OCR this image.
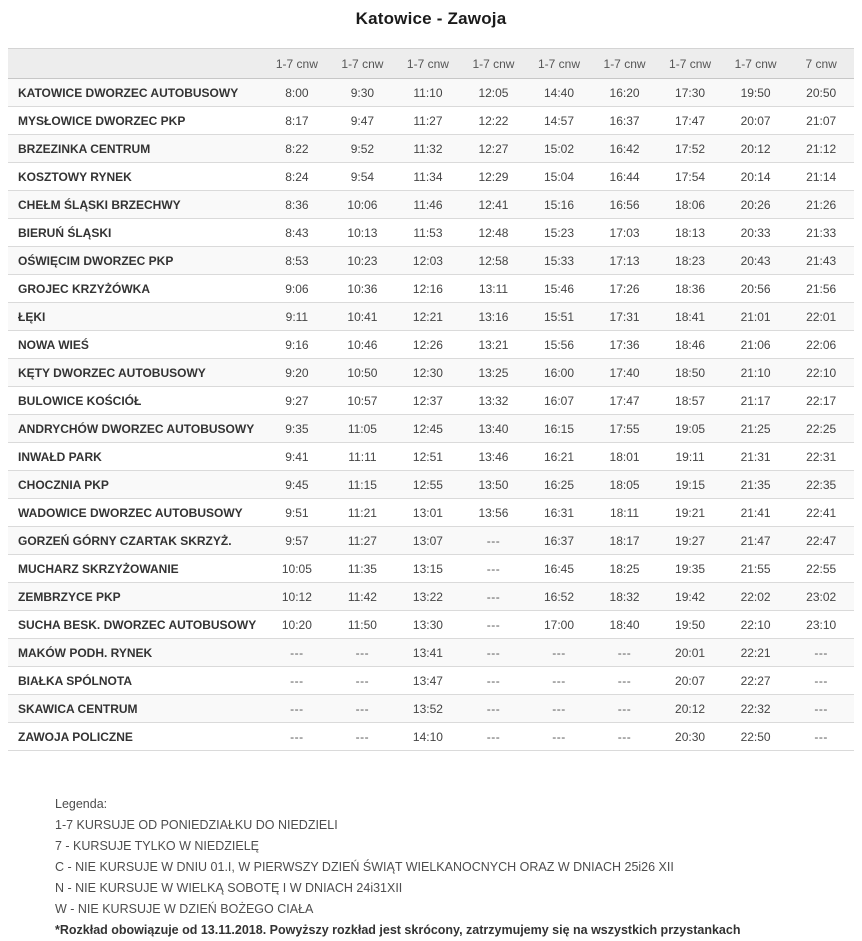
Katowice - Zawoja
	1-7 cnw	1-7 cnw	1-7 cnw	1-7 cnw	1-7 cnw	1-7 cnw	1-7 cnw	1-7 cnw	7 cnw
KATOWICE DWORZEC AUTOBUSOWY	8:00	9:30	11:10	12:05	14:40	16:20	17:30	19:50	20:50
MYSŁOWICE DWORZEC PKP	8:17	9:47	11:27	12:22	14:57	16:37	17:47	20:07	21:07
BRZEZINKA CENTRUM	8:22	9:52	11:32	12:27	15:02	16:42	17:52	20:12	21:12
KOSZTOWY RYNEK	8:24	9:54	11:34	12:29	15:04	16:44	17:54	20:14	21:14
CHEŁM ŚLĄSKI BRZECHWY	8:36	10:06	11:46	12:41	15:16	16:56	18:06	20:26	21:26
BIERUŃ ŚLĄSKI	8:43	10:13	11:53	12:48	15:23	17:03	18:13	20:33	21:33
OŚWIĘCIM DWORZEC PKP	8:53	10:23	12:03	12:58	15:33	17:13	18:23	20:43	21:43
GROJEC KRZYŻÓWKA	9:06	10:36	12:16	13:11	15:46	17:26	18:36	20:56	21:56
ŁĘKI	9:11	10:41	12:21	13:16	15:51	17:31	18:41	21:01	22:01
NOWA WIEŚ	9:16	10:46	12:26	13:21	15:56	17:36	18:46	21:06	22:06
KĘTY DWORZEC AUTOBUSOWY	9:20	10:50	12:30	13:25	16:00	17:40	18:50	21:10	22:10
BULOWICE KOŚCIÓŁ	9:27	10:57	12:37	13:32	16:07	17:47	18:57	21:17	22:17
ANDRYCHÓW DWORZEC AUTOBUSOWY	9:35	11:05	12:45	13:40	16:15	17:55	19:05	21:25	22:25
INWAŁD PARK	9:41	11:11	12:51	13:46	16:21	18:01	19:11	21:31	22:31
CHOCZNIA PKP	9:45	11:15	12:55	13:50	16:25	18:05	19:15	21:35	22:35
WADOWICE DWORZEC AUTOBUSOWY	9:51	11:21	13:01	13:56	16:31	18:11	19:21	21:41	22:41
GORZEŃ GÓRNY CZARTAK SKRZYŻ.	9:57	11:27	13:07	---	16:37	18:17	19:27	21:47	22:47
MUCHARZ SKRZYŻOWANIE	10:05	11:35	13:15	---	16:45	18:25	19:35	21:55	22:55
ZEMBRZYCE PKP	10:12	11:42	13:22	---	16:52	18:32	19:42	22:02	23:02
SUCHA BESK. DWORZEC AUTOBUSOWY	10:20	11:50	13:30	---	17:00	18:40	19:50	22:10	23:10
MAKÓW PODH. RYNEK	---	---	13:41	---	---	---	20:01	22:21	---
BIAŁKA SPÓLNOTA	---	---	13:47	---	---	---	20:07	22:27	---
SKAWICA CENTRUM	---	---	13:52	---	---	---	20:12	22:32	---
ZAWOJA POLICZNE	---	---	14:10	---	---	---	20:30	22:50	---
Legenda:
1-7 KURSUJE OD PONIEDZIAŁKU DO NIEDZIELI
7 - KURSUJE TYLKO W NIEDZIELĘ
C - NIE KURSUJE W DNIU 01.I, W PIERWSZY DZIEŃ ŚWIĄT WIELKANOCNYCH ORAZ W DNIACH 25i26 XII
N - NIE KURSUJE W WIELKĄ SOBOTĘ I W DNIACH 24i31XII
W - NIE KURSUJE W DZIEŃ BOŻEGO CIAŁA
*Rozkład obowiązuje od 13.11.2018. Powyższy rozkład jest skrócony, zatrzymujemy się na wszystkich przystankach
